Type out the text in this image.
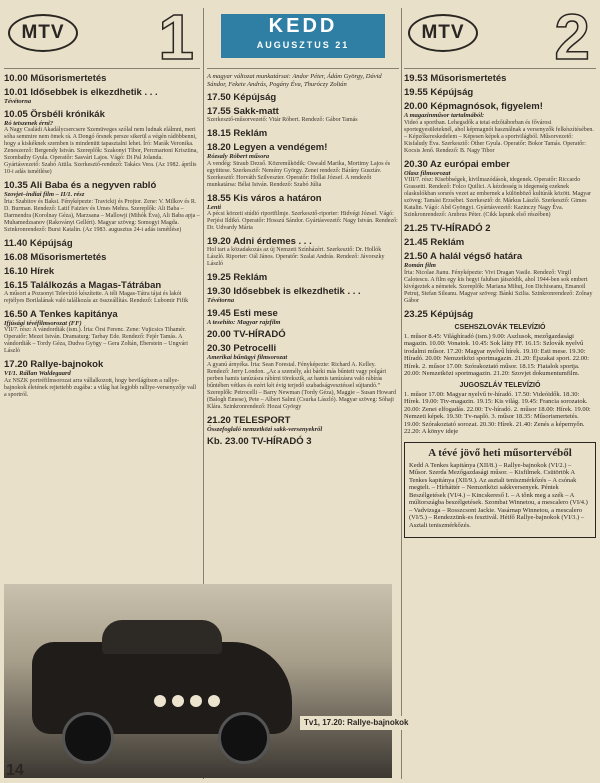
MTV 1
10.00 Műsorismertetés
10.01 Idősebbek is elkezdhetik . . .
Tévétorna
10.05 Örsbéli krónikák
Ró tetszenek érni?
A Nagy Családi Akadálycsercsere Szemüveges szólal nem ludnak elálmni, meri sóha semmire nem ömek rá. A Dongó őrsnek persze sikerül a végén rádöbbenni, hogy a kiskéknek szemben is mindenütt tapasztalni lehet. Író: Marák Veronika. Zeneszerző: Bergendy István. Szereplők: Szakonyi Tibor, Percmartoni Krisztina, Szombathy Gyula. Operatőr: Sasvári Lajos. Vágó: Di Pal Jolanda. Gyártásvezető: Szabó Attila. Szerkesztő-rendező: Takács Vera. (Az 1982. április 10-i adás ismétlése)
10.35 Ali Baba és a negyven rabló
Szovjet–indiai film – II/1. rész
Írta: Szabitov és Baksi. Fényképezte: Travickij és Projtor. Zene: V. Milkov és R. D. Burman. Rendező: Latif Faiziev és Umes Mehra. Szereplők: Ali Baba – Darmendra (Korolnay Géza), Marzsana – Mallowji (Mihók Éva), Ali Baba apja – Muhamedzsanov (Rakoványi Gellért). Magyar szöveg: Somogyi Magda. Szinkronrendező: Bursi Katalin. (Az 1983. augusztus 24-i adás ismétlése)
11.40 Képújság
16.08 Műsorismertetés
16.10 Hírek
16.15 Találkozás a Magas-Tátrában
A műsort a Pozsonyi Televízió készítette. A téli Magas-Tátra tájai és lakói rejtélyes Borilalának való találkozás az összeállítás. Rendező: Lubomir Fifik
16.50 A Tenkes kapitánya
Ifjúsági tévéfilmsorozat (FF)
VII/7. rész: A vándordiák (ism.). Írta: Örsi Ferenc. Zene: Vujicsics Tihamér. Operatőr: Mezei István. Dramaturg: Tarbay Ede. Rendező: Fejér Tamás. A vándordiák – Tordy Géza, Dudva Gyögy – Gera Zoltán, Eberstein – Ungvári László
17.20 Rallye-bajnokok
VI/1. Rállan Waldegaard
Az NSZK portréfilmsorozat arra vállalkozott, hogy bevilágítson a rallye-bajnokok életének rejtettebb zugába: a világ hat legjobb ralliye-versenyzője vall a sportról.
KEDD
AUGUSZTUS 21
A magyar változat munkatársai: Andor Péter, Ádám György, Dávid Sándor, Fekete András, Pogány Éva, Thuróczy Zoltán
17.50 Képújság
17.55 Sakk-matt
Szerkesztő-műsorvezető: Vitár Róbert. Rendező: Gábor Tamás
18.15 Reklám
18.20 Legyen a vendégem!
Rózsaly Róbert műsora
A vendég: Straub Dezső. Közreműködik: Oswald Marika, Mortimy Lajos és együttese. Szerkesztő: Nemény György. Zenei rendező: Bárány Gusztáv. Szerkesztő: Horváth Szilveszter. Operatőr: Hollai József. A rendezőt munkatársa: Bélai István. Rendező: Szabó Júlia
18.55 Kis város a határon
Lenti
A pécsi körzeti stúdió riportfilmje. Szerkesztő-riporter: Hidvégi József. Vágó: Perjési Ildikó. Operatőr: Hosszú Sándor. Gyártásvezető: Nagy István. Rendező: Dr. Udvardy Mária
19.20 Adni érdemes . . .
Hol tart a közadakozás az új Nemzeti Színházért. Szerkesztő: Dr. Hollók László. Riporter: Oál János. Operatőr: Szalai András. Rendező: Jávorszky László
19.25 Reklám
19.30 Idősebbek is elkezdhetik . . .
Tévétorna
19.45 Esti mese
A tesehíto: Magyar rajzfilm
20.00 TV-HÍRADÓ
20.30 Petrocelli
Amerikai bűnügyi filmsorozat
A gyanú árnyéka. Írta: Sean Forestal. Fényképezte: Richard A. Kelley. Rendező: Jerry London. „Az a személy, aki bárki más bűntett vagy polgári perben hamis tanúzásra rábírni törekszik, az hamis tanúzásra való rábírás bűntében vétkes és ezért két évig terjedő szabadságvesztéssel sújtandó.” Szereplők: Petrocelli – Barry Newman (Tordy Géza), Maggie – Susan Howard (Balogh Emese), Pete – Albert Salmi (Csurka László). Magyar szöveg: Sóhaji Klára. Szinkronrendező: Hozai György
21.20 TELESPORT
Összefoglaló nemzetközi sakk-versenyekről
Kb. 23.00 TV-HÍRADÓ 3
MTV 2
19.53 Műsorismertetés
19.55 Képújság
20.00 Képmagnósok, figyelem!
A magazinműsor tartalmából:
Videó a sportban. Lehegsdők a tetai edzőtáborban és fővárosi sportegyesületeknél, ahol képmagnót használnak a versenyzők felkészítésében. – Képzőkereskedelem – Képesen képek a sportvilágból. Műsorvezető: Kisfaludy Éva. Szerkesztő: Óther Gyula. Operatőr: Bokor Tamás. Operatőr: Kocsis Jenő. Rendező: B. Nagy Tibor
20.30 Az európai ember
Olasz filmsorozat
VIII/7. rész: Kisebbségek, kivilmazódások, idegenek. Operatőr: Riccardo Grassetti. Rendező: Folco Quilici. A kézdesség is idegenség ezeknek olaskulókban sorsrés vezet az embernek a különböző kultúrák között. Magyar szöveg: Tamási Erzsébet. Szerkesztő: dr. Márkus László. Szerkesztő: Gimes Katalin. Vágó: Abd Gyöngyi. Gyártásvezető: Kazinczy Nagy Éva. Szinkronrendező: Ambrus Péter. (Cikk lapunk első részében)
21.25 TV-HÍRADÓ 2
21.45 Reklám
21.50 A halál végső határa
Román film
Írta: Nicolae Jianu. Fényképezte: Vivi Dragan Vasile. Rendező: Virgil Calotescu. A film egy kis hegyi faluban játszódik, ahol 1944-ben sok embert kivégeztek a németek. Szereplők: Mariana Mihuț, Jon Dichiseanu, Emanoil Petruț, Stefan Sileanu. Magyar szöveg: Bánki Szilia. Szinkronrendező: Zolnay Gábor
23.25 Képújság
CSEHSZLOVÁK TELEVÍZIÓ
1. műsor 8.45: Világhíradó (ism.) 9.00: Aszlusok, mezőgazdasági magazin. 10.00: Vonatok. 10.45: Sok látty FF. 16.15: Szlovák nyelvű irodalmi műsor. 17.20: Magyar nyelvű hírek. 19.10: Esti mese. 19.30: Híradó. 20.00: Nemzetközi sportmagazin. 21.20: Éjszakai sport. 22.00: Hírek. 2. műsor 17.00: Szórakoztató műsor. 18.15: Fiatalok sportja. 20.00: Nemzetközi sportmagazin. 21.20: Szovjet dokumentumfilm.
JUGOSZLÁV TELEVÍZIÓ
1. műsor 17.00: Magyar nyelvű tv-híradó. 17.50: Videóidők. 18.30: Hírek. 19.00: Ttv-magazin. 19.15: Kis világ. 19.45: Francia sorozatok. 20.00: Zenei elfogadás. 22.00: Tv-híradó. 2. műsor 18.00: Hírek. 19.00: Nemzeti képek. 19.30: Tv-napló. 3. műsor 18.35: Műsorismertetés. 19.00: Szórakoztató sorozat. 20.30: Hírek. 21.40: Zenés a képernyőn. 22.20: A könyv ideje
A tévé jövő heti műsortervéből
Kedd A Tenkes kapitánya (XII/8.) – Rallye-bajnokok (VI/2.) – Műsor. Szerda Mezőgazdasági műsor. – Kisfilmek. Csütörtök A Tenkes kapitánya (XII/9.). Az asztali teniszmérkőzés – A csónak megtelt. – Hírháttér – Nemzetközi sakkversenyek. Péntek Beszélgetések (VI/4.) – Kincskereső I. – A tőnk meg a szék – A múltországba beszélgetések. Szombat Winnetou, a mescalero (VI/4.) – Vadvizsga – Rosszcsont Jackie. Vasárnap Winnetou, a mescalero (VI/5.) – Rendezzünk-es fesztivál. Hétfő Rallye-bajnokok (VI/3.) – Asztali teniszmérkőzés.
Tv1, 17.20: Rallye-bajnokok
14
